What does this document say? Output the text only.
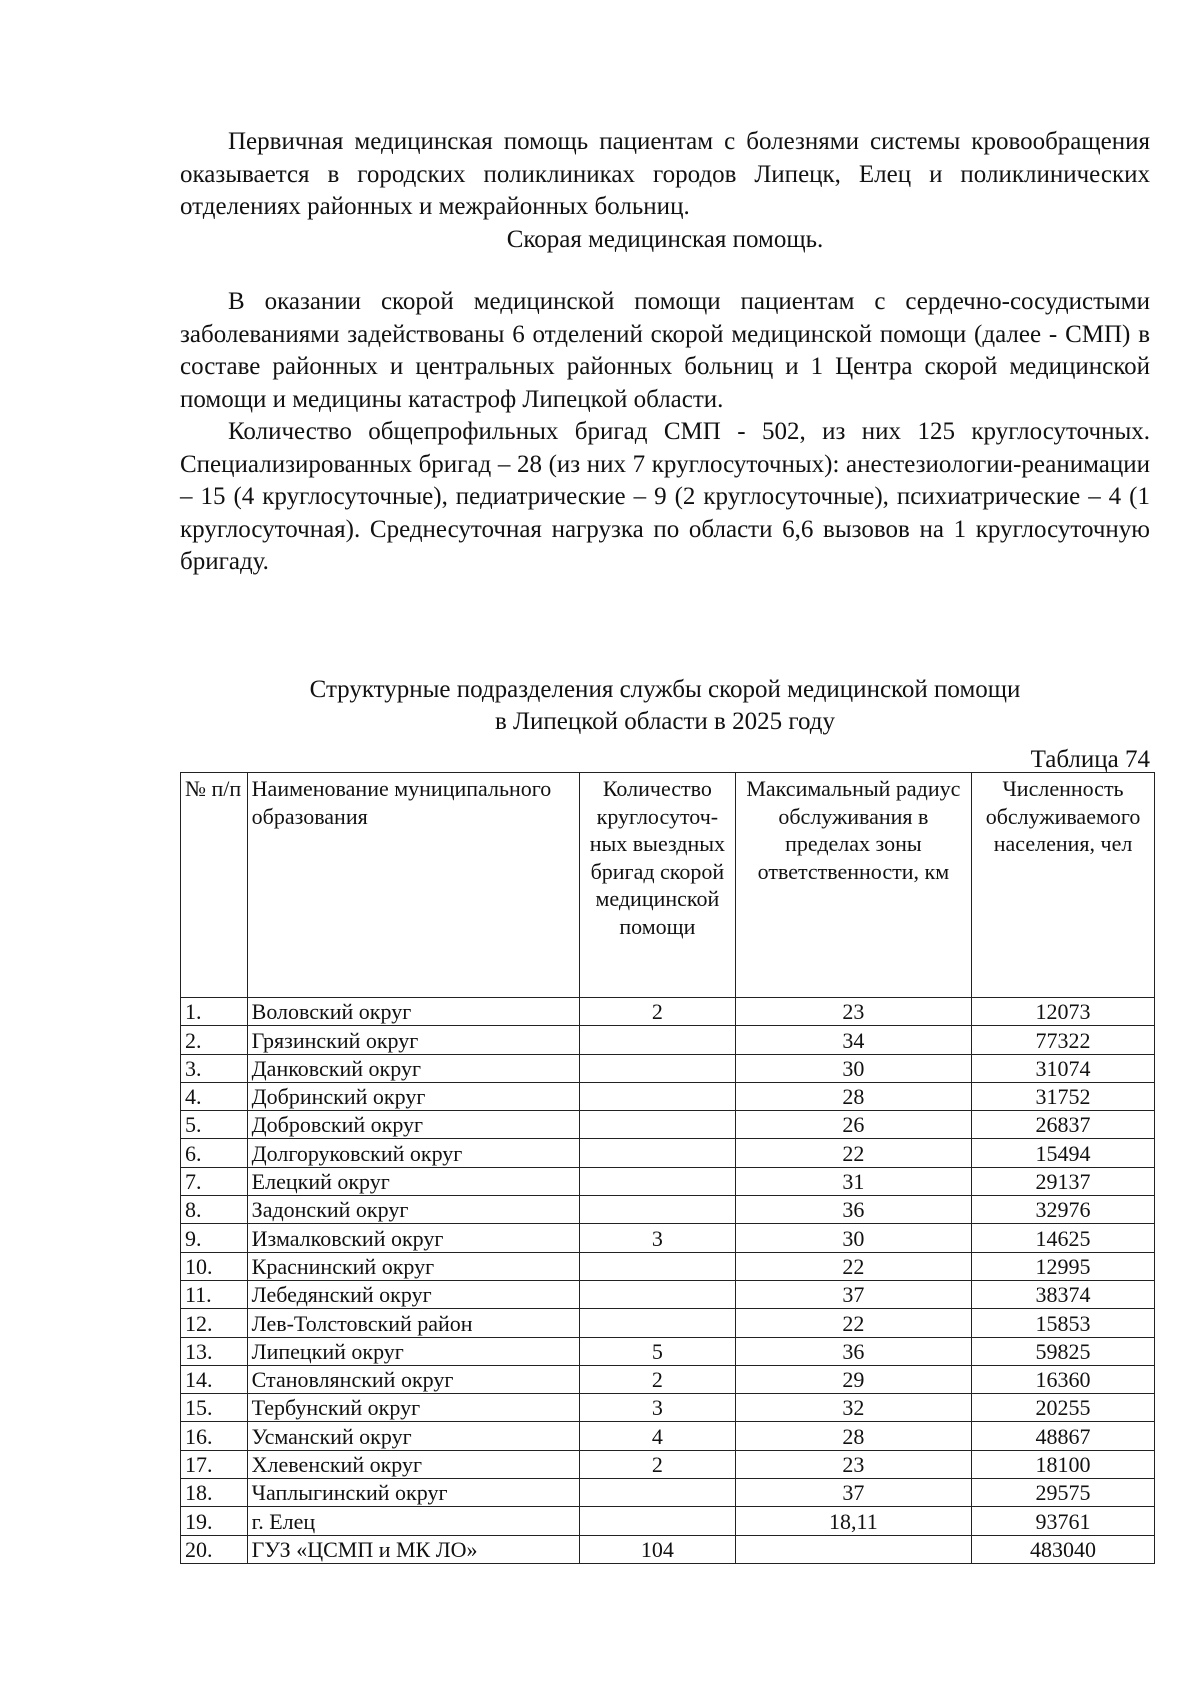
Первичная медицинская помощь пациентам с болезнями системы кровообращения оказывается в городских поликлиниках городов Липецк, Елец и поликлинических отделениях районных и межрайонных больниц.

Скорая медицинская помощь.

В оказании скорой медицинской помощи пациентам с сердечно-сосудистыми заболеваниями задействованы 6 отделений скорой медицинской помощи (далее - СМП) в составе районных и центральных районных больниц и 1 Центра скорой медицинской помощи и медицины катастроф Липецкой области.

Количество общепрофильных бригад СМП - 502, из них 125 круглосуточных. Специализированных бригад – 28 (из них 7 круглосуточных): анестезиологии-реанимации – 15 (4 круглосуточные), педиатрические – 9 (2 круглосуточные), психиатрические – 4 (1 круглосуточная). Среднесуточная нагрузка по области 6,6 вызовов на 1 круглосуточную бригаду.

Структурные подразделения службы скорой медицинской помощи
в Липецкой области в 2025 году
Таблица 74
№ п/п	Наименование муниципального образования	Количество круглосуточ-ных выездных бригад скорой медицинской помощи	Максимальный радиус обслуживания в пределах зоны ответственности, км	Численность обслуживаемого населения, чел
1.	Воловский округ	2	23	12073
2.	Грязинский округ		34	77322
3.	Данковский округ		30	31074
4.	Добринский округ		28	31752
5.	Добровский округ		26	26837
6.	Долгоруковский округ		22	15494
7.	Елецкий округ		31	29137
8.	Задонский округ		36	32976
9.	Измалковский округ	3	30	14625
10.	Краснинский округ		22	12995
11.	Лебедянский округ		37	38374
12.	Лев-Толстовский район		22	15853
13.	Липецкий округ	5	36	59825
14.	Становлянский округ	2	29	16360
15.	Тербунский округ	3	32	20255
16.	Усманский округ	4	28	48867
17.	Хлевенский округ	2	23	18100
18.	Чаплыгинский округ		37	29575
19.	г. Елец		18,11	93761
20.	ГУЗ «ЦСМП и МК ЛО»	104		483040
